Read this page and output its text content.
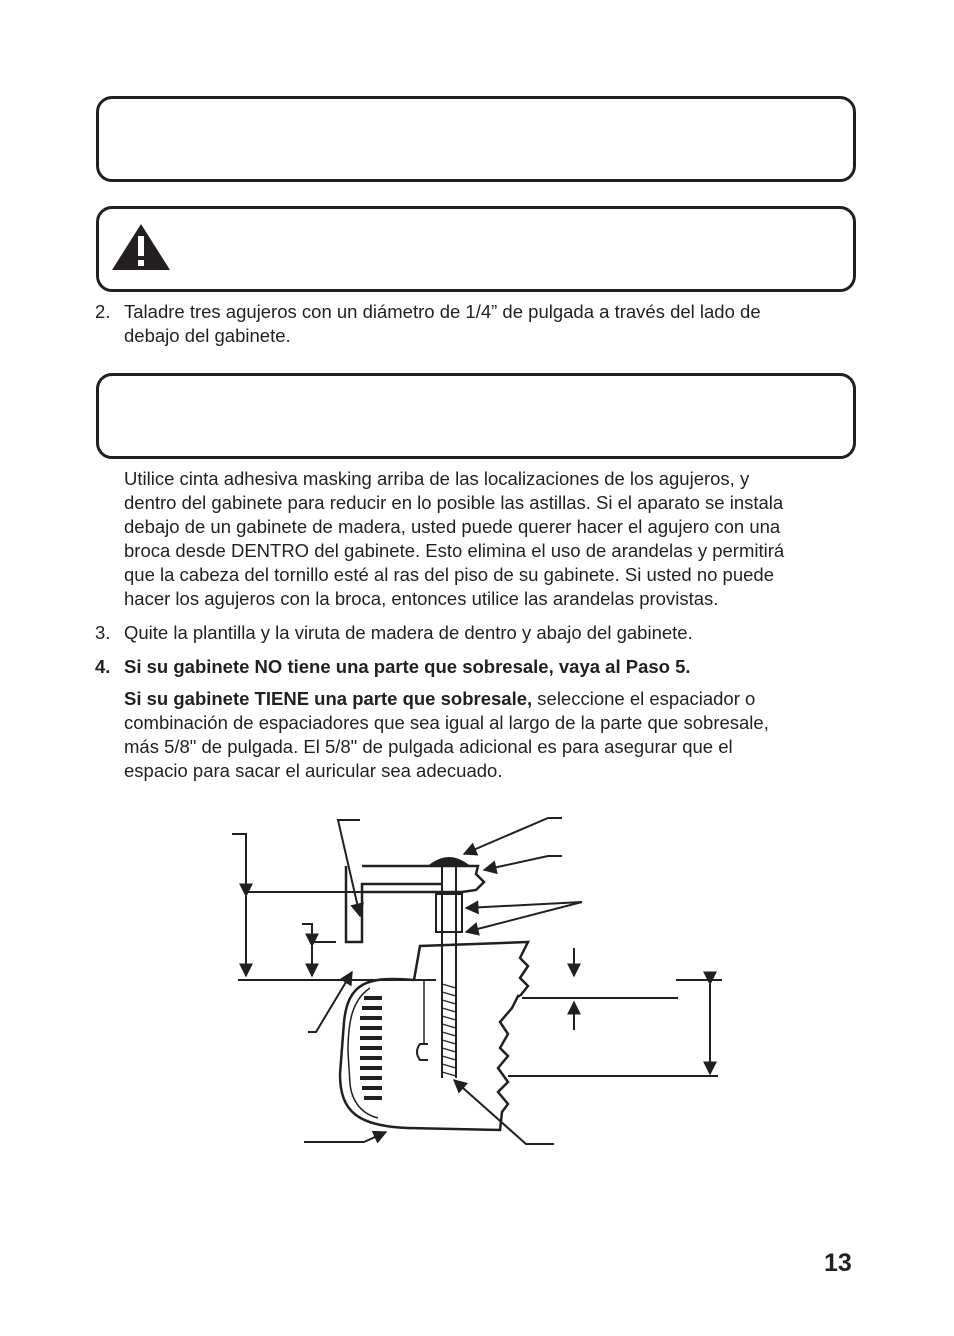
2. Taladre tres agujeros con un diámetro de 1/4” de pulgada a través del lado de
debajo del gabinete.
Utilice cinta adhesiva masking arriba de las localizaciones de los agujeros, y
dentro del gabinete para reducir en lo posible las astillas. Si el aparato se instala
debajo de un gabinete de madera, usted puede querer hacer el agujero con una
broca desde DENTRO del gabinete. Esto elimina el uso de arandelas y permitirá
que la cabeza del tornillo esté al ras del piso de su gabinete. Si usted no puede
hacer los agujeros con la broca, entonces utilice las arandelas provistas.
3. Quite la plantilla y la viruta de madera de dentro y abajo del gabinete.
4. Si su gabinete NO tiene una parte que sobresale, vaya al Paso 5.
Si su gabinete TIENE una parte que sobresale, seleccione el espaciador o
combinación de espaciadores que sea igual al largo de la parte que sobresale,
más 5/8" de pulgada. El 5/8" de pulgada adicional es para asegurar que el
espacio para sacar el auricular sea adecuado.
13
